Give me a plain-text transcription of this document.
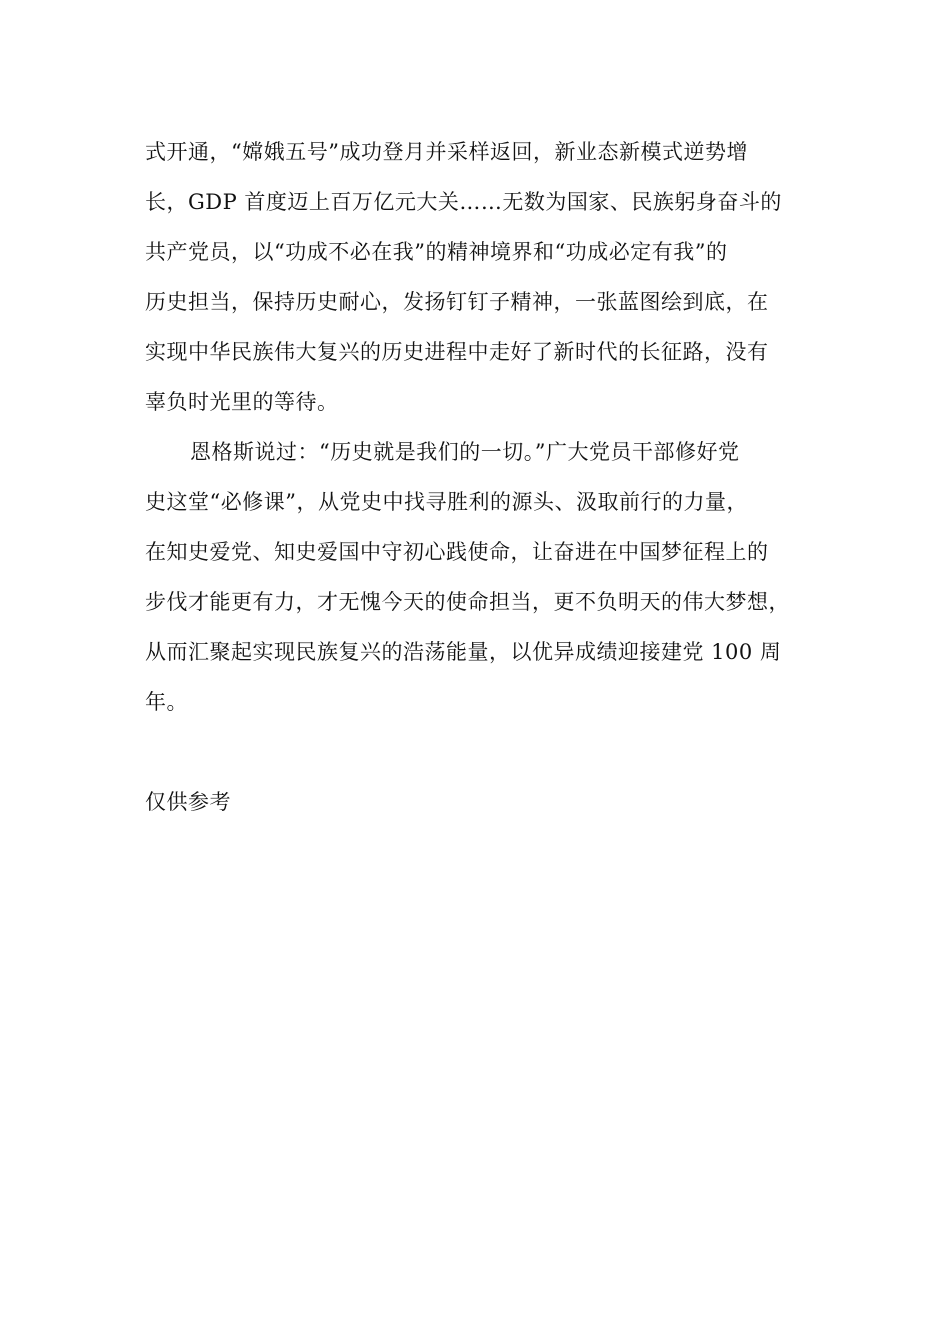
式开通，“嫦娥五号”成功登月并采样返回，新业态新模式逆势增
长，GDP 首度迈上百万亿元大关……无数为国家、民族躬身奋斗的
共产党员，以“功成不必在我”的精神境界和“功成必定有我”的
历史担当，保持历史耐心，发扬钉钉子精神，一张蓝图绘到底，在
实现中华民族伟大复兴的历史进程中走好了新时代的长征路，没有
辜负时光里的等待。
恩格斯说过：“历史就是我们的一切。”广大党员干部修好党
史这堂“必修课”，从党史中找寻胜利的源头、汲取前行的力量，
在知史爱党、知史爱国中守初心践使命，让奋进在中国梦征程上的
步伐才能更有力，才无愧今天的使命担当，更不负明天的伟大梦想，
从而汇聚起实现民族复兴的浩荡能量，以优异成绩迎接建党 100 周
年。
仅供参考
